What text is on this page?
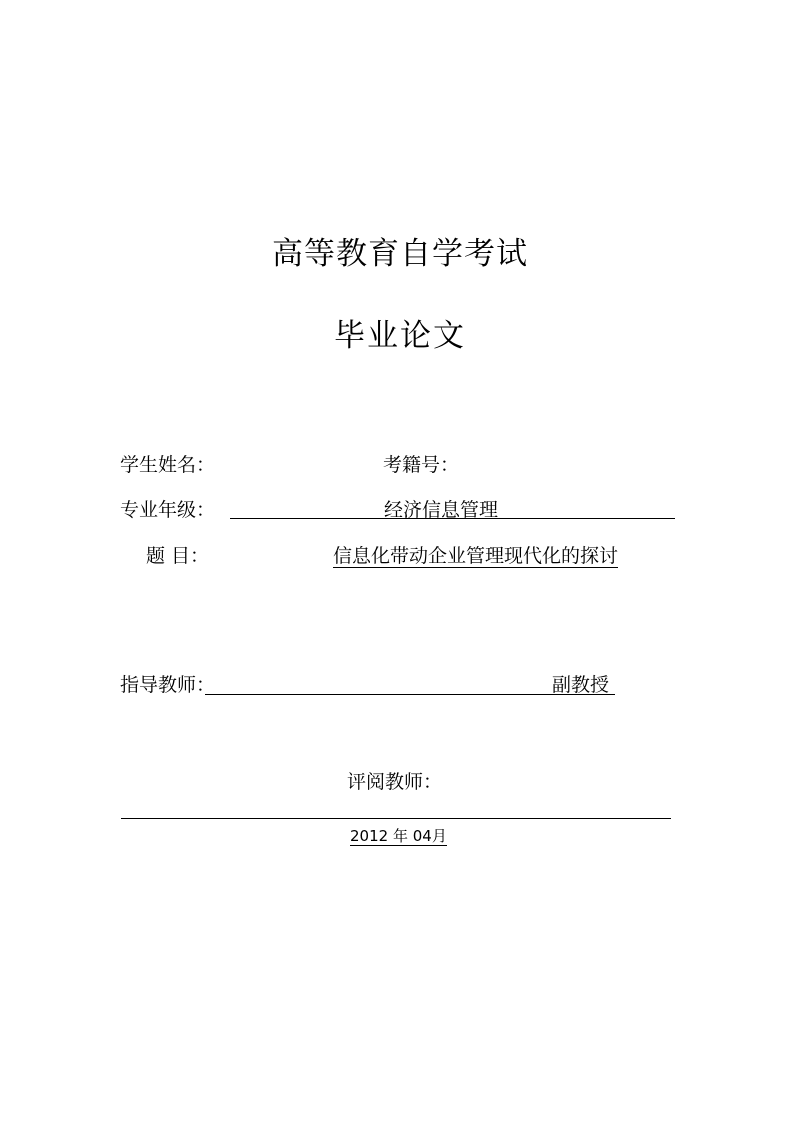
高等教育自学考试
毕业论文
学生姓名：	考籍号：
专业年级：	经济信息管理
题 目：	信息化带动企业管理现代化的探讨
指导教师：	副教授
评阅教师：
2012 年 04月
